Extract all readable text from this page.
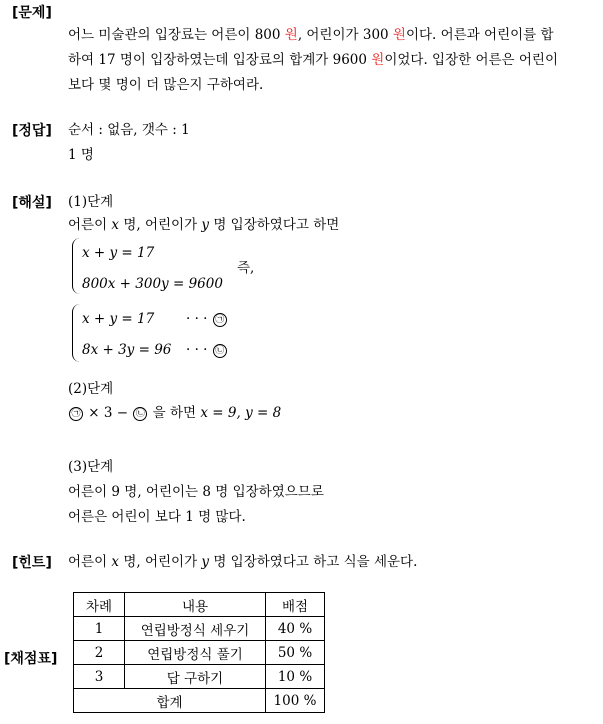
[문제]
[정답]
[해설]
[힌트]
[채점표]
어느 미술관의 입장료는 어른이 800 원, 어린이가 300 원이다. 어른과 어린이를 합
하여 17 명이 입장하였는데 입장료의 합계가 9600 원이었다. 입장한 어른은 어린이
보다 몇 명이 더 많은지 구하여라.
순서 : 없음, 갯수 : 1
1 명
(1)단계
어른이 x 명, 어린이가 y 명 입장하였다고 하면
x + y = 17
800x + 300y = 9600
즉,
x + y = 17 · · · ㉠
8x + 3y = 96 · · · ㉡
(2)단계
㉠ × 3 − ㉡ 을 하면 x = 9, y = 8
(3)단계
어른이 9 명, 어린이는 8 명 입장하였으므로
어른은 어린이 보다 1 명 많다.
어른이 x 명, 어린이가 y 명 입장하였다고 하고 식을 세운다.
차례	내용	배점
1	연립방정식 세우기	40 %
2	연립방정식 풀기	50 %
3	답 구하기	10 %
합계		100 %
